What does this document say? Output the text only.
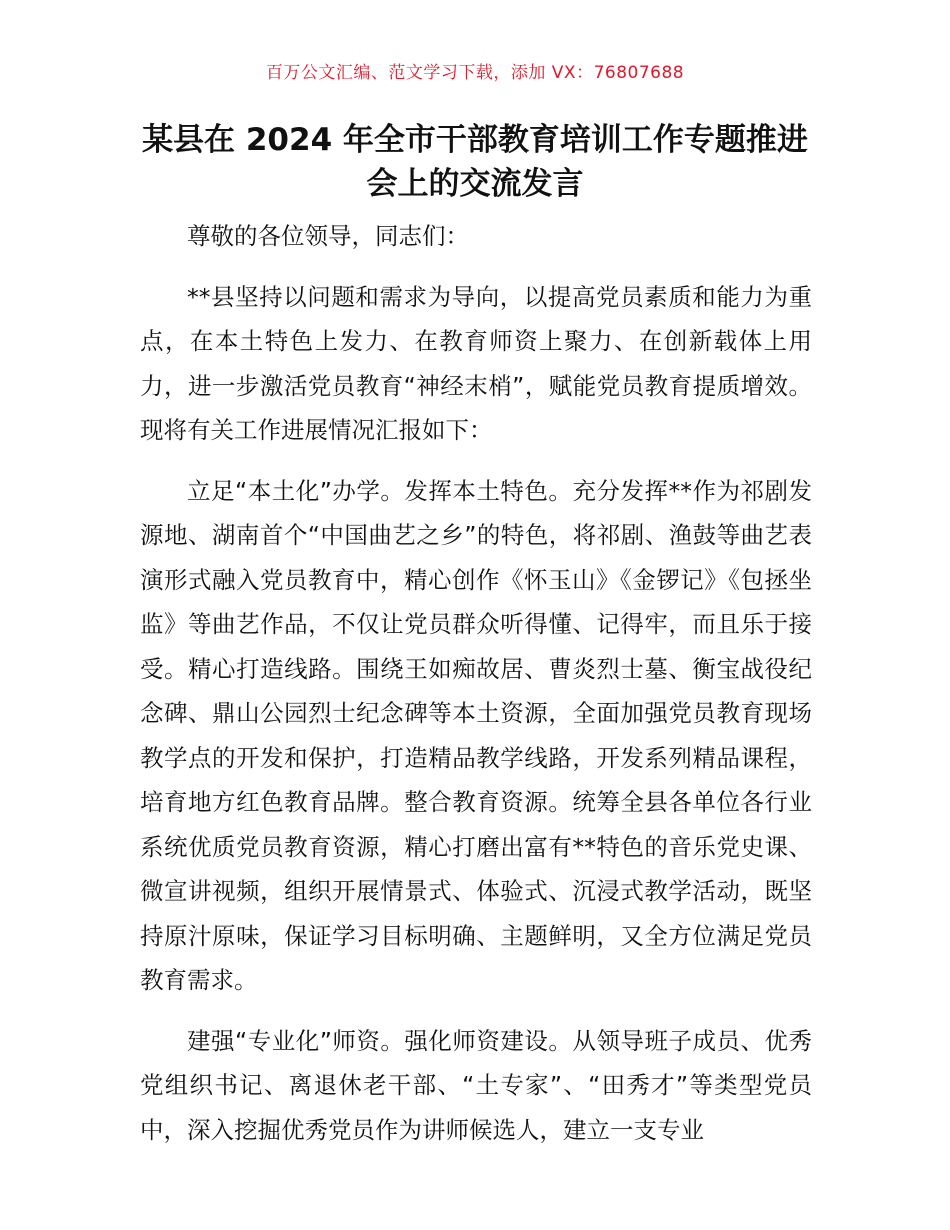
百万公文汇编、范文学习下载，添加 VX：76807688
某县在 2024 年全市干部教育培训工作专题推进
会上的交流发言

尊敬的各位领导，同志们：

**县坚持以问题和需求为导向，以提高党员素质和能力为重点，在本土特色上发力、在教育师资上聚力、在创新载体上用力，进一步激活党员教育“神经末梢”，赋能党员教育提质增效。现将有关工作进展情况汇报如下：

立足“本土化”办学。发挥本土特色。充分发挥**作为祁剧发源地、湖南首个“中国曲艺之乡”的特色，将祁剧、渔鼓等曲艺表演形式融入党员教育中，精心创作《怀玉山》《金锣记》《包拯坐监》等曲艺作品，不仅让党员群众听得懂、记得牢，而且乐于接受。精心打造线路。围绕王如痴故居、曹炎烈士墓、衡宝战役纪念碑、鼎山公园烈士纪念碑等本土资源，全面加强党员教育现场教学点的开发和保护，打造精品教学线路，开发系列精品课程，培育地方红色教育品牌。整合教育资源。统筹全县各单位各行业系统优质党员教育资源，精心打磨出富有**特色的音乐党史课、微宣讲视频，组织开展情景式、体验式、沉浸式教学活动，既坚持原汁原味，保证学习目标明确、主题鲜明，又全方位满足党员教育需求。

建强“专业化”师资。强化师资建设。从领导班子成员、优秀党组织书记、离退休老干部、“土专家”、“田秀才”等类型党员中，深入挖掘优秀党员作为讲师候选人，建立一支专业
